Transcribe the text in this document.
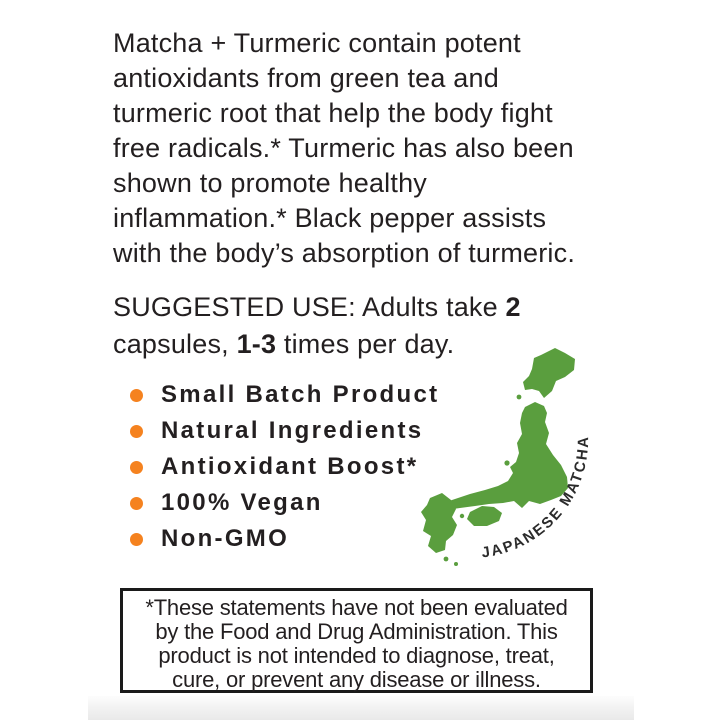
Matcha + Turmeric contain potent
antioxidants from green tea and
turmeric root that help the body fight
free radicals.* Turmeric has also been
shown to promote healthy
inflammation.* Black pepper assists
with the body’s absorption of turmeric.
SUGGESTED USE: Adults take 2
capsules, 1-3 times per day.
Small Batch Product
Natural Ingredients
Antioxidant Boost*
100% Vegan
Non-GMO
JAPANESE MATCHA
*These statements have not been evaluated
by the Food and Drug Administration. This
product is not intended to diagnose, treat,
cure, or prevent any disease or illness.
